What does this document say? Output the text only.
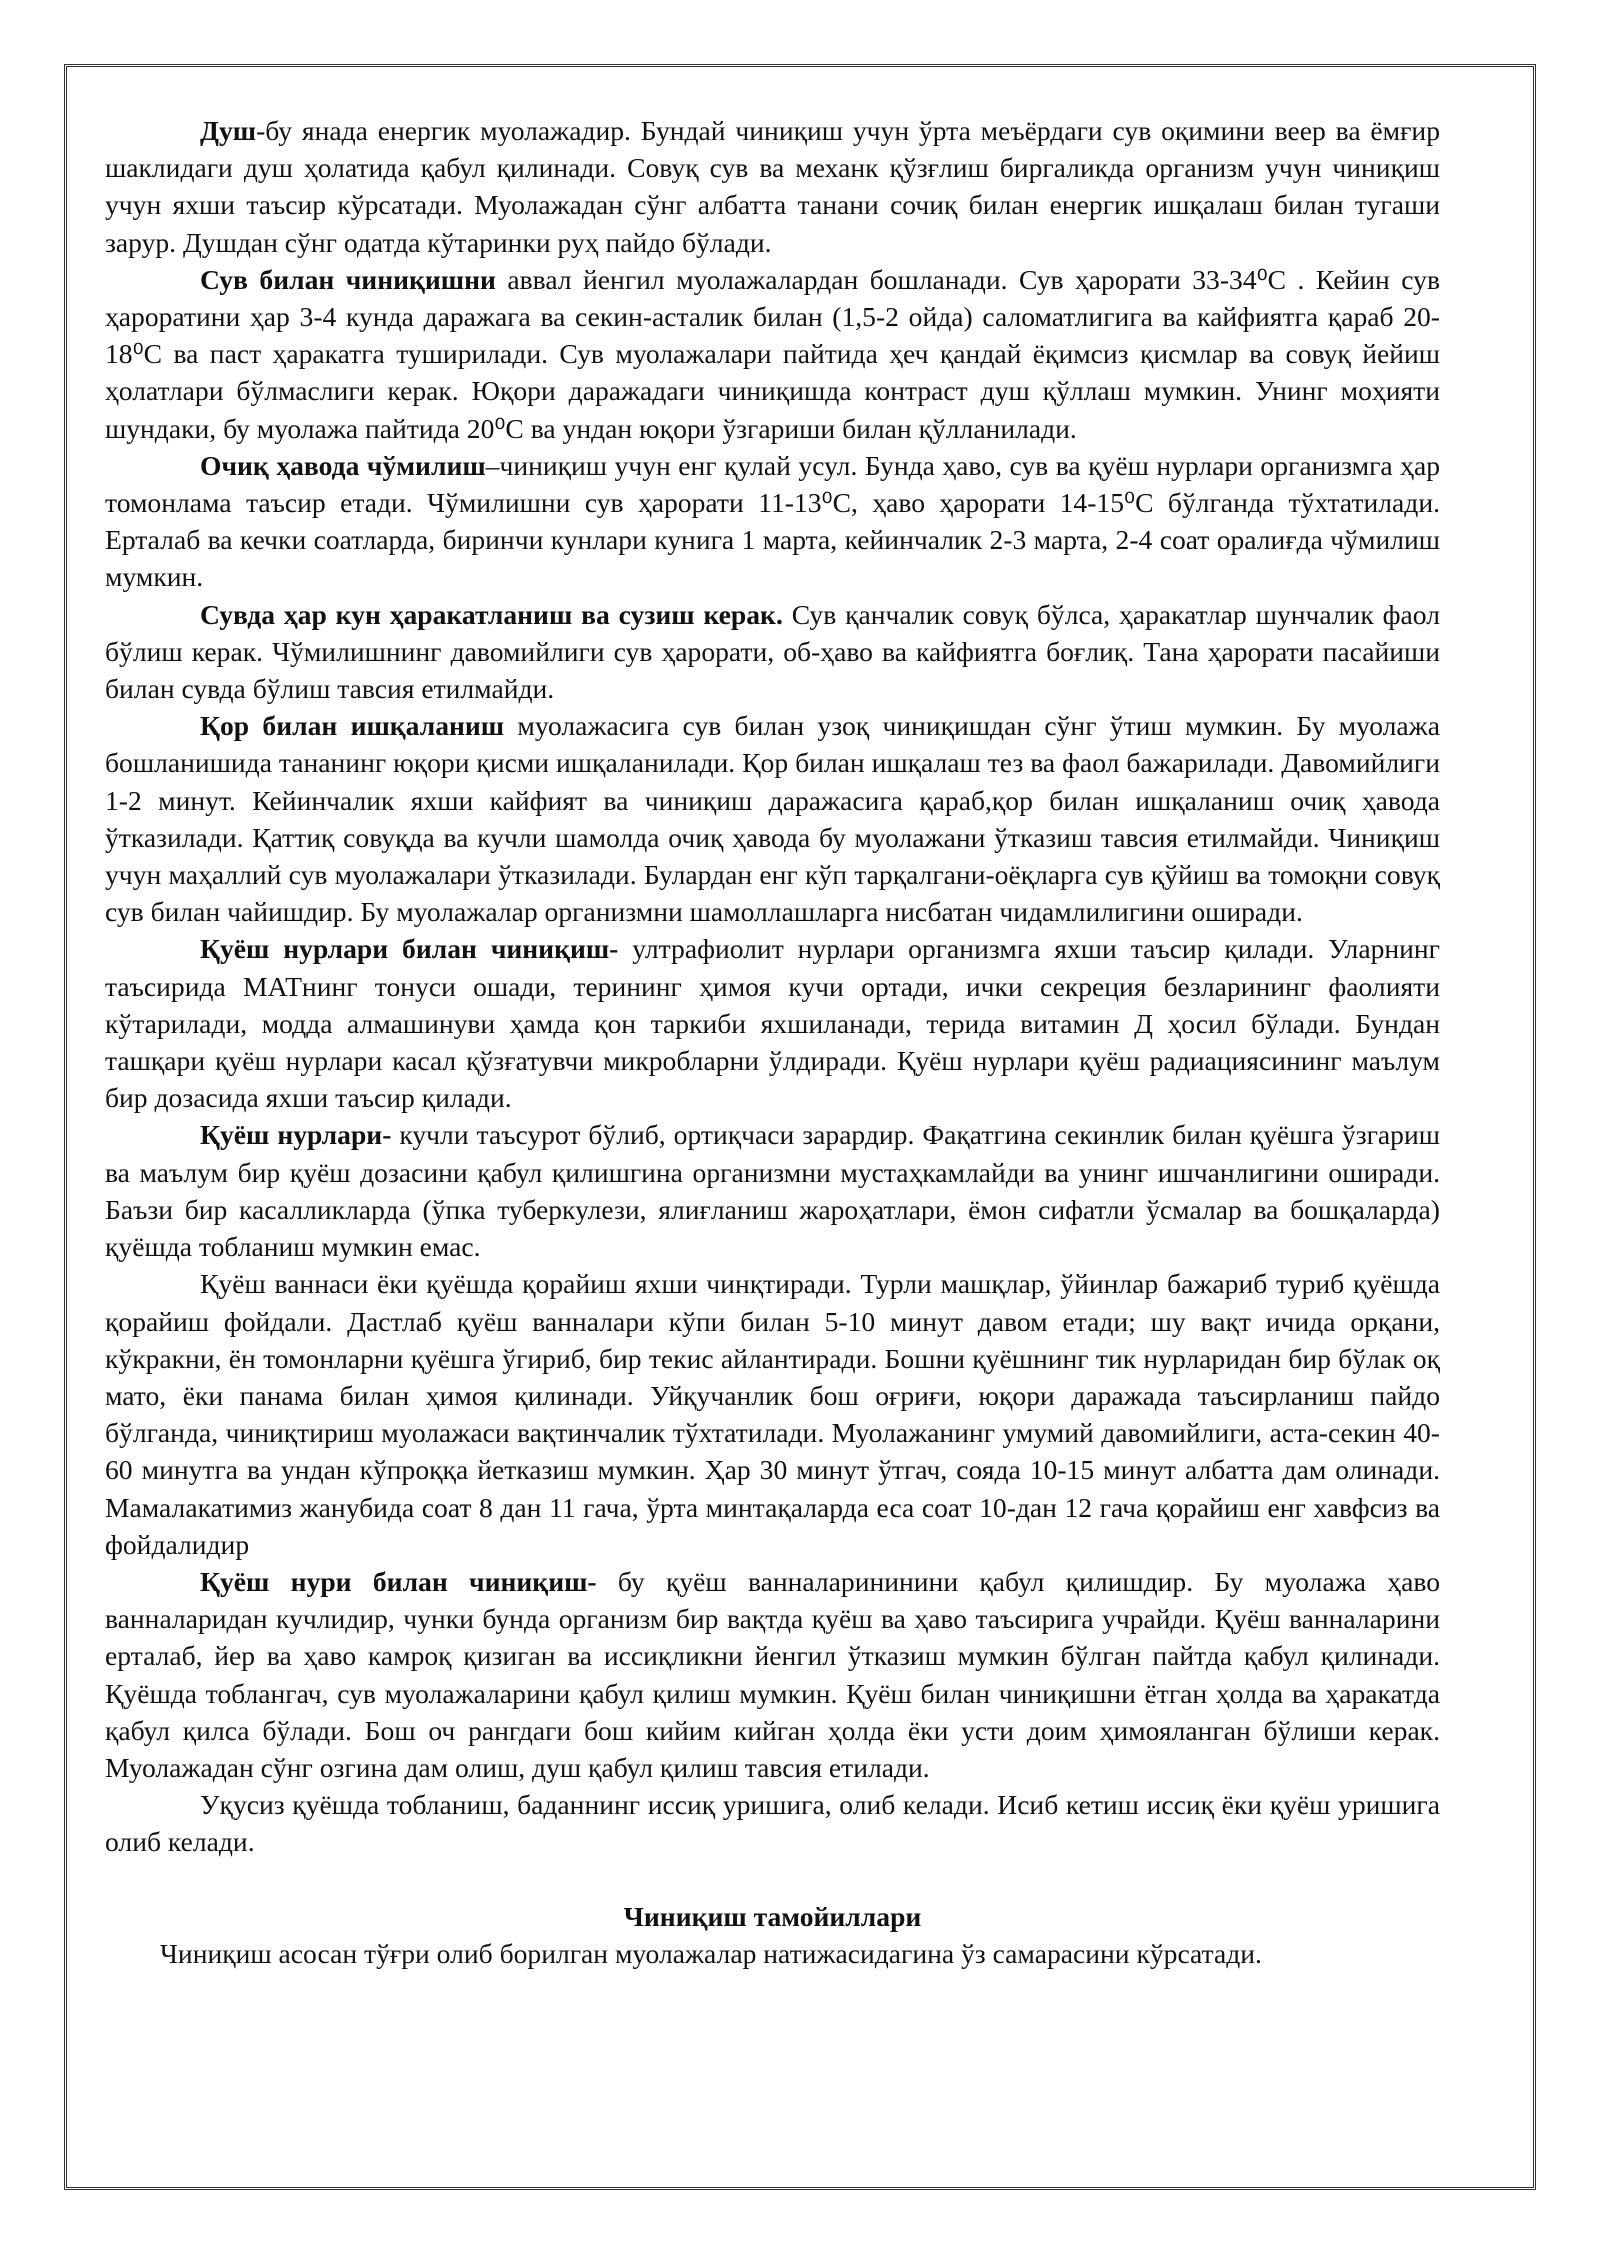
Душ-бу янада енергик муолажадир. Бундай чиниқиш учун ўрта меъёрдаги сув оқимини веер ва ёмғир шаклидаги душ ҳолатида қабул қилинади. Совуқ сув ва механк қўзғлиш биргаликда организм учун чиниқиш учун яхши таъсир кўрсатади. Муолажадан сўнг албатта танани сочиқ билан енергик ишқалаш билан тугаши зарур. Душдан сўнг одатда кўтаринки руҳ пайдо бўлади.

Сув билан чиниқишни аввал йенгил муолажалардан бошланади. Сув ҳарорати 33-34⁰С . Кейин сув ҳароратини ҳар 3-4 кунда даражага ва секин-асталик билан (1,5-2 ойда) саломатлигига ва кайфиятга қараб 20-18⁰С ва паст ҳаракатга туширилади. Сув муолажалари пайтида ҳеч қандай ёқимсиз қисмлар ва совуқ йейиш ҳолатлари бўлмаслиги керак. Юқори даражадаги чиниқишда контраст душ қўллаш мумкин. Унинг моҳияти шундаки, бу муолажа пайтида 20⁰С ва ундан юқори ўзгариши билан қўлланилади.

Очиқ ҳавода чўмилиш–чиниқиш учун енг қулай усул. Бунда ҳаво, сув ва қуёш нурлари организмга ҳар томонлама таъсир етади. Чўмилишни сув ҳарорати 11-13⁰С, ҳаво ҳарорати 14-15⁰С бўлганда тўхтатилади. Ерталаб ва кечки соатларда, биринчи кунлари кунига 1 марта, кейинчалик 2-3 марта, 2-4 соат оралиғда чўмилиш мумкин.

Сувда ҳар кун ҳаракатланиш ва сузиш керак. Сув қанчалик совуқ бўлса, ҳаракатлар шунчалик фаол бўлиш керак. Чўмилишнинг давомийлиги сув ҳарорати, об-ҳаво ва кайфиятга боғлиқ. Тана ҳарорати пасайиши билан сувда бўлиш тавсия етилмайди.

Қор билан ишқаланиш муолажасига сув билан узоқ чиниқишдан сўнг ўтиш мумкин. Бу муолажа бошланишида тананинг юқори қисми ишқаланилади. Қор билан ишқалаш тез ва фаол бажарилади. Давомийлиги 1-2 минут. Кейинчалик яхши кайфият ва чиниқиш даражасига қараб,қор билан ишқаланиш очиқ ҳавода ўтказилади. Қаттиқ совуқда ва кучли шамолда очиқ ҳавода бу муолажани ўтказиш тавсия етилмайди. Чиниқиш учун маҳаллий сув муолажалари ўтказилади. Булардан енг кўп тарқалгани-оёқларга сув қўйиш ва томоқни совуқ сув билан чайишдир. Бу муолажалар организмни шамоллашларга нисбатан чидамлилигини оширади.

Қуёш нурлари билан чиниқиш- ултрафиолит нурлари организмга яхши таъсир қилади. Уларнинг таъсирида МАТнинг тонуси ошади, терининг ҳимоя кучи ортади, ички секреция безларининг фаолияти кўтарилади, модда алмашинуви ҳамда қон таркиби яхшиланади, терида витамин Д ҳосил бўлади. Бундан ташқари қуёш нурлари касал қўзғатувчи микробларни ўлдиради. Қуёш нурлари қуёш радиациясининг маълум бир дозасида яхши таъсир қилади.

Қуёш нурлари- кучли таъсурот бўлиб, ортиқчаси зарардир. Фақатгина секинлик билан қуёшга ўзгариш ва маълум бир қуёш дозасини қабул қилишгина организмни мустаҳкамлайди ва унинг ишчанлигини оширади. Баъзи бир касалликларда (ўпка туберкулези, ялиғланиш жароҳатлари, ёмон сифатли ўсмалар ва бошқаларда) қуёшда тобланиш мумкин емас.

Қуёш ваннаси ёки қуёшда қорайиш яхши чинқтиради. Турли машқлар, ўйинлар бажариб туриб қуёшда қорайиш фойдали. Дастлаб қуёш ванналари кўпи билан 5-10 минут давом етади; шу вақт ичида орқани, кўкракни, ён томонларни қуёшга ўгириб, бир текис айлантиради. Бошни қуёшнинг тик нурларидан бир бўлак оқ мато, ёки панама билан ҳимоя қилинади. Уйқучанлик бош оғриғи, юқори даражада таъсирланиш пайдо бўлганда, чиниқтириш муолажаси вақтинчалик тўхтатилади. Муолажанинг умумий давомийлиги, аста-секин 40-60 минутга ва ундан кўпроққа йетказиш мумкин. Ҳар 30 минут ўтгач, сояда 10-15 минут албатта дам олинади. Мамалакатимиз жанубида соат 8 дан 11 гача, ўрта минтақаларда еса соат 10-дан 12 гача қорайиш енг хавфсиз ва фойдалидир

Қуёш нури билан чиниқиш- бу қуёш ванналарининини қабул қилишдир. Бу муолажа ҳаво ванналаридан кучлидир, чунки бунда организм бир вақтда қуёш ва ҳаво таъсирига учрайди. Қуёш ванналарини ерталаб, йер ва ҳаво камроқ қизиган ва иссиқликни йенгил ўтказиш мумкин бўлган пайтда қабул қилинади. Қуёшда тоблангач, сув муолажаларини қабул қилиш мумкин. Қуёш билан чиниқишни ётган ҳолда ва ҳаракатда қабул қилса бўлади. Бош оч рангдаги бош кийим кийган ҳолда ёки усти доим ҳимояланган бўлиши керак. Муолажадан сўнг озгина дам олиш, душ қабул қилиш тавсия етилади.

Уқусиз қуёшда тобланиш, баданнинг иссиқ уришига, олиб келади. Исиб кетиш иссиқ ёки қуёш уришига олиб келади.

Чиниқиш тамойиллари

Чиниқиш асосан тўғри олиб борилган муолажалар натижасидагина ўз самарасини кўрсатади.
